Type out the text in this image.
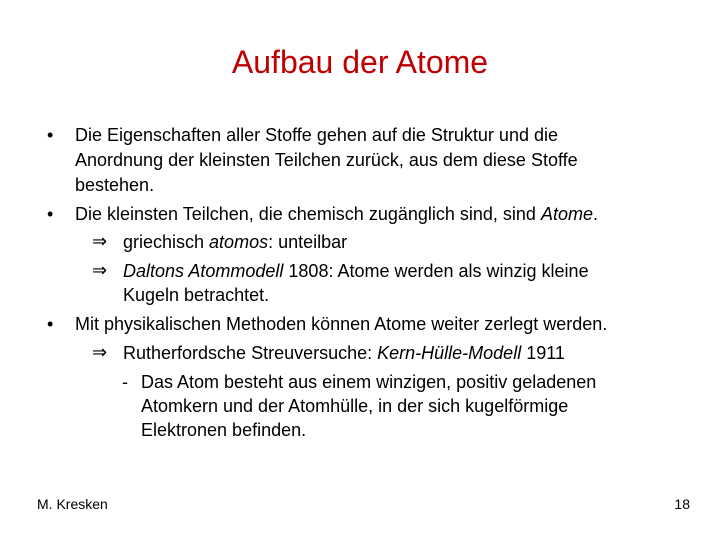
Aufbau der Atome
• Die Eigenschaften aller Stoffe gehen auf die Struktur und die
Anordnung der kleinsten Teilchen zurück, aus dem diese Stoffe
bestehen.
• Die kleinsten Teilchen, die chemisch zugänglich sind, sind Atome.
⇒ griechisch atomos: unteilbar
⇒ Daltons Atommodell 1808: Atome werden als winzig kleine
Kugeln betrachtet.
• Mit physikalischen Methoden können Atome weiter zerlegt werden.
⇒ Rutherfordsche Streuversuche: Kern-Hülle-Modell 1911
- Das Atom besteht aus einem winzigen, positiv geladenen
Atomkern und der Atomhülle, in der sich kugelförmige
Elektronen befinden.
M. Kresken	18
